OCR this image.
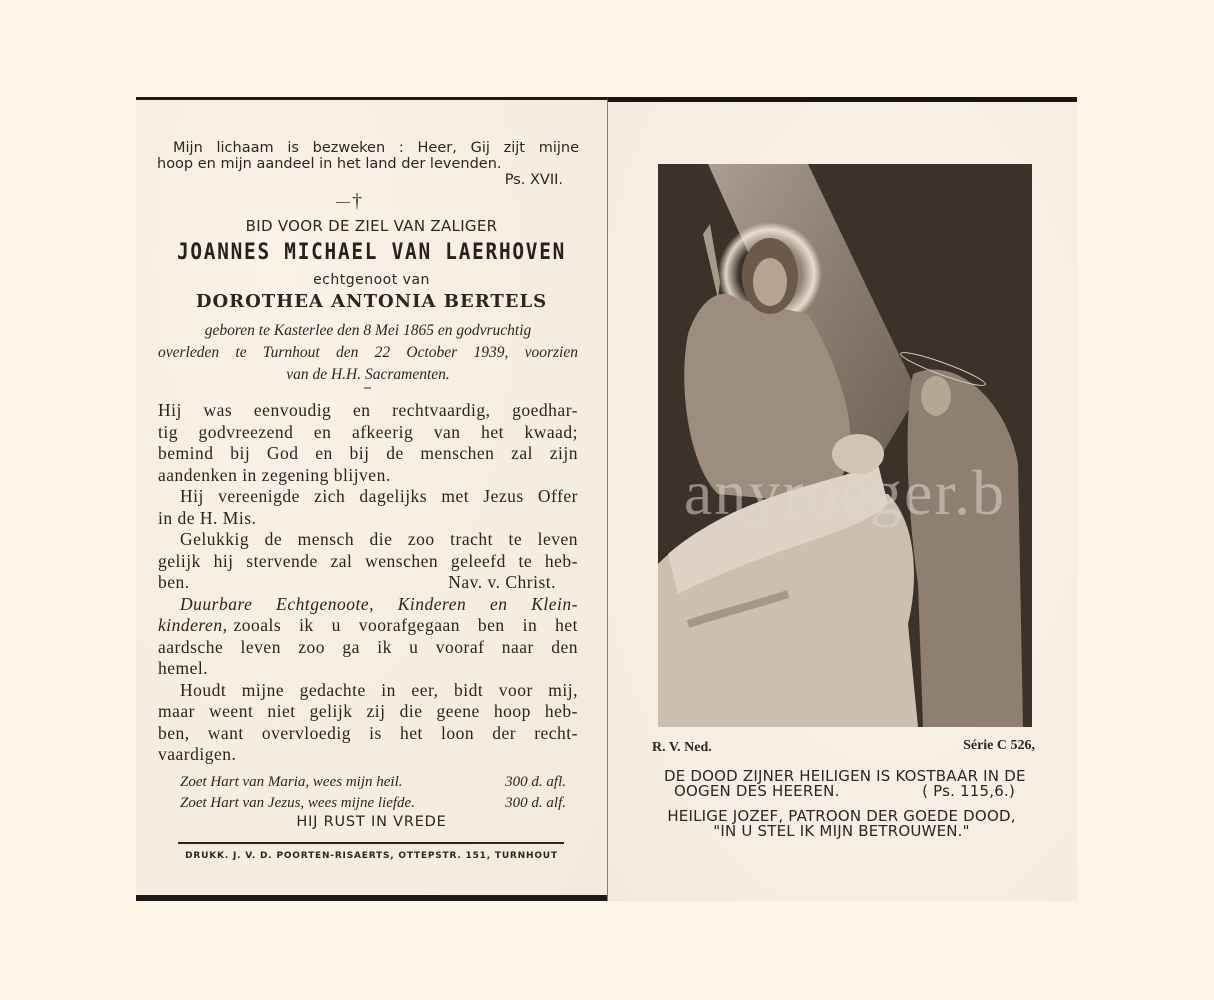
Mijn lichaam is bezweken : Heer, Gij zijt mijne
hoop en mijn aandeel in het land der levenden.
Ps. XVII.
†
BID VOOR DE ZIEL VAN ZALIGER
JOANNES MICHAEL VAN LAERHOVEN
echtgenoot van
DOROTHEA ANTONIA BERTELS
geboren te Kasterlee den 8 Mei 1865 en godvruchtig
overleden te Turnhout den 22 October 1939, voorzien
van de H.H. Sacramenten.
–
Hij was eenvoudig en rechtvaardig, goedhar-
tig godvreezend en afkeerig van het kwaad;
bemind bij God en bij de menschen zal zijn
aandenken in zegening blijven.
Hij vereenigde zich dagelijks met Jezus Offer
in de H. Mis.
Gelukkig de mensch die zoo tracht te leven
gelijk hij stervende zal wenschen geleefd te heb-
ben.	Nav. v. Christ.
Duurbare Echtgenoote, Kinderen en Klein-
kinderen, zooals ik u voorafgegaan ben in het
aardsche leven zoo ga ik u vooraf naar den
hemel.
Houdt mijne gedachte in eer, bidt voor mij,
maar weent niet gelijk zij die geene hoop heb-
ben, want overvloedig is het loon der recht-
vaardigen.
Zoet Hart van Maria, wees mijn heil.	300 d. afl.
Zoet Hart van Jezus, wees mijne liefde.	300 d. alf.
HIJ RUST IN VREDE
DRUKK. J. V. D. POORTEN-RISAERTS, OTTEPSTR. 151, TURNHOUT
anyroeger.b
R. V. Ned.	Série C 526,
DE DOOD ZIJNER HEILIGEN IS KOSTBAAR IN DE
OOGEN DES HEEREN.	( Ps. 115,6.)
HEILIGE JOZEF, PATROON DER GOEDE DOOD,
"IN U STEL IK MIJN BETROUWEN."
